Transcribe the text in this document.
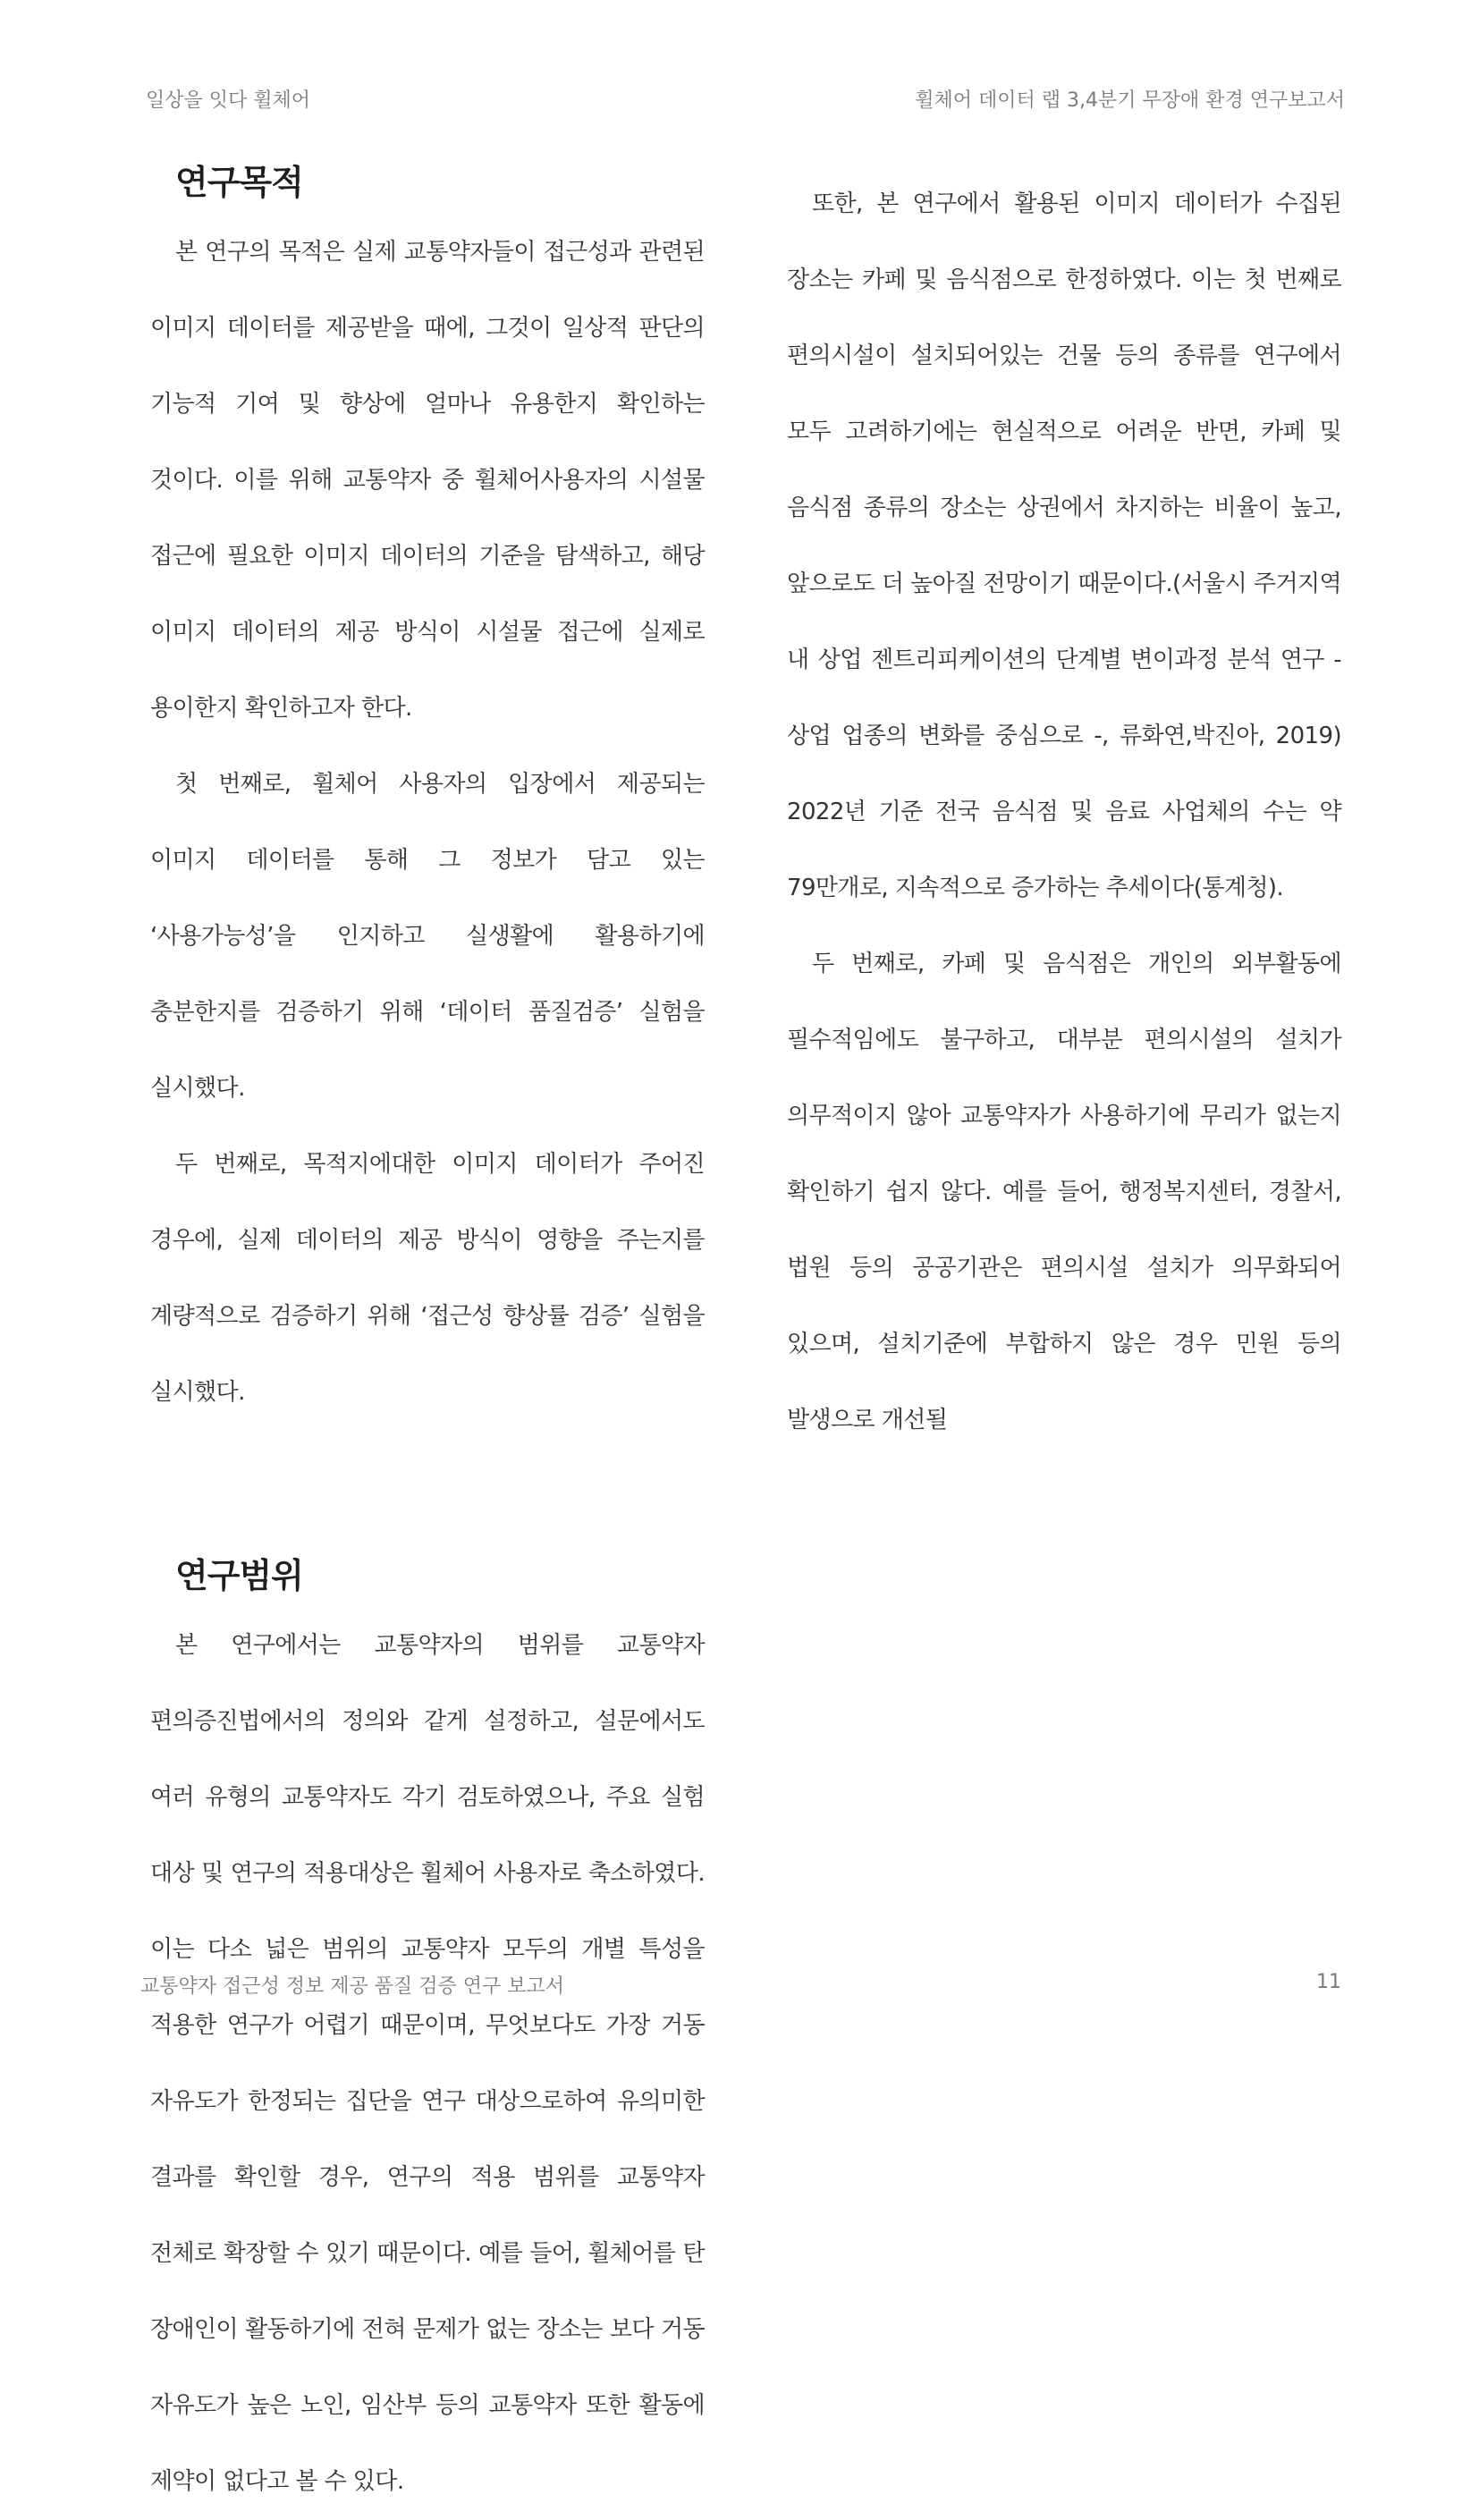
일상을 잇다 휠체어	휠체어 데이터 랩 3,4분기 무장애 환경 연구보고서
연구목적

본 연구의 목적은 실제 교통약자들이 접근성과 관련된 이미지 데이터를 제공받을 때에, 그것이 일상적 판단의 기능적 기여 및 향상에 얼마나 유용한지 확인하는 것이다. 이를 위해 교통약자 중 휠체어사용자의 시설물 접근에 필요한 이미지 데이터의 기준을 탐색하고, 해당 이미지 데이터의 제공 방식이 시설물 접근에 실제로 용이한지 확인하고자 한다.

첫 번째로, 휠체어 사용자의 입장에서 제공되는 이미지 데이터를 통해 그 정보가 담고 있는 ‘사용가능성’을 인지하고 실생활에 활용하기에 충분한지를 검증하기 위해 ‘데이터 품질검증’ 실험을 실시했다.

두 번째로, 목적지에대한 이미지 데이터가 주어진 경우에, 실제 데이터의 제공 방식이 영향을 주는지를 계량적으로 검증하기 위해 ‘접근성 향상률 검증’ 실험을 실시했다.

연구범위

본 연구에서는 교통약자의 범위를 교통약자 편의증진법에서의 정의와 같게 설정하고, 설문에서도 여러 유형의 교통약자도 각기 검토하였으나, 주요 실험 대상 및 연구의 적용대상은 휠체어 사용자로 축소하였다. 이는 다소 넓은 범위의 교통약자 모두의 개별 특성을 적용한 연구가 어렵기 때문이며, 무엇보다도 가장 거동 자유도가 한정되는 집단을 연구 대상으로하여 유의미한 결과를 확인할 경우, 연구의 적용 범위를 교통약자 전체로 확장할 수 있기 때문이다. 예를 들어, 휠체어를 탄 장애인이 활동하기에 전혀 문제가 없는 장소는 보다 거동 자유도가 높은 노인, 임산부 등의 교통약자 또한 활동에 제약이 없다고 볼 수 있다.

또한, 본 연구에서 활용된 이미지 데이터가 수집된 장소는 카페 및 음식점으로 한정하였다. 이는 첫 번째로 편의시설이 설치되어있는 건물 등의 종류를 연구에서 모두 고려하기에는 현실적으로 어려운 반면, 카페 및 음식점 종류의 장소는 상권에서 차지하는 비율이 높고, 앞으로도 더 높아질 전망이기 때문이다.(서울시 주거지역 내 상업 젠트리피케이션의 단계별 변이과정 분석 연구 - 상업 업종의 변화를 중심으로 -, 류화연,박진아, 2019) 2022년 기준 전국 음식점 및 음료 사업체의 수는 약 79만개로, 지속적으로 증가하는 추세이다(통계청).

두 번째로, 카페 및 음식점은 개인의 외부활동에 필수적임에도 불구하고, 대부분 편의시설의 설치가 의무적이지 않아 교통약자가 사용하기에 무리가 없는지 확인하기 쉽지 않다. 예를 들어, 행정복지센터, 경찰서, 법원 등의 공공기관은 편의시설 설치가 의무화되어 있으며, 설치기준에 부합하지 않은 경우 민원 등의 발생으로 개선될

교통약자 접근성 정보 제공 품질 검증 연구 보고서	11
